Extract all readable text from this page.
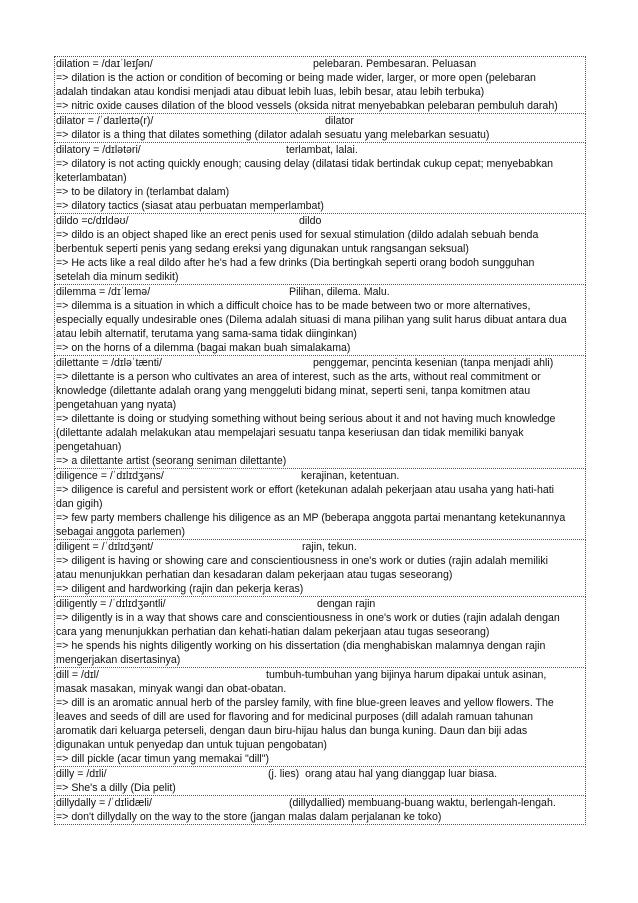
dilation = /daɪˈleɪʃən/	pelebaran. Pembesaran. Peluasan
=> dilation is the action or condition of becoming or being made wider, larger, or more open (pelebaran
adalah tindakan atau kondisi menjadi atau dibuat lebih luas, lebih besar, atau lebih terbuka)
=> nitric oxide causes dilation of the blood vessels (oksida nitrat menyebabkan pelebaran pembuluh darah)
dilator = /ˈdaɪleɪtə(r)/	dilator
=> dilator is a thing that dilates something (dilator adalah sesuatu yang melebarkan sesuatu)
dilatory = /dɪlətəri/	terlambat, lalai.
=> dilatory is not acting quickly enough; causing delay (dilatasi tidak bertindak cukup cepat; menyebabkan
keterlambatan)
=> to be dilatory in (terlambat dalam)
=> dilatory tactics (siasat atau perbuatan memperlambat)
dildo =c/dɪldəʊ/	dildo
=> dildo is an object shaped like an erect penis used for sexual stimulation (dildo adalah sebuah benda
berbentuk seperti penis yang sedang ereksi yang digunakan untuk rangsangan seksual)
=> He acts like a real dildo after he's had a few drinks (Dia bertingkah seperti orang bodoh sungguhan
setelah dia minum sedikit)
dilemma = /dɪˈlemə/	Pilihan, dilema. Malu.
=> dilemma is a situation in which a difficult choice has to be made between two or more alternatives,
especially equally undesirable ones (Dilema adalah situasi di mana pilihan yang sulit harus dibuat antara dua
atau lebih alternatif, terutama yang sama-sama tidak diinginkan)
=> on the horns of a dilemma (bagai makan buah simalakama)
dilettante = /dɪləˈtænti/	penggemar, pencinta kesenian (tanpa menjadi ahli)
=> dilettante is a person who cultivates an area of interest, such as the arts, without real commitment or
knowledge (dilettante adalah orang yang menggeluti bidang minat, seperti seni, tanpa komitmen atau
pengetahuan yang nyata)
=> dilettante is doing or studying something without being serious about it and not having much knowledge
(dilettante adalah melakukan atau mempelajari sesuatu tanpa keseriusan dan tidak memiliki banyak
pengetahuan)
=> a dilettante artist (seorang seniman dilettante)
diligence = /ˈdɪlɪdʒəns/	kerajinan, ketentuan.
=> diligence is careful and persistent work or effort (ketekunan adalah pekerjaan atau usaha yang hati-hati
dan gigih)
=> few party members challenge his diligence as an MP (beberapa anggota partai menantang ketekunannya
sebagai anggota parlemen)
diligent = /ˈdɪlɪdʒənt/	rajin, tekun.
=> diligent is having or showing care and conscientiousness in one's work or duties (rajin adalah memiliki
atau menunjukkan perhatian dan kesadaran dalam pekerjaan atau tugas seseorang)
=> diligent and hardworking (rajin dan pekerja keras)
diligently = /ˈdɪlɪdʒəntli/	dengan rajin
=> diligently is in a way that shows care and conscientiousness in one's work or duties (rajin adalah dengan
cara yang menunjukkan perhatian dan kehati-hatian dalam pekerjaan atau tugas seseorang)
=> he spends his nights diligently working on his dissertation (dia menghabiskan malamnya dengan rajin
mengerjakan disertasinya)
dill = /dɪl/	tumbuh-tumbuhan yang bijinya harum dipakai untuk asinan,
masak masakan, minyak wangi dan obat-obatan.
=> dill is an aromatic annual herb of the parsley family, with fine blue-green leaves and yellow flowers. The
leaves and seeds of dill are used for flavoring and for medicinal purposes (dill adalah ramuan tahunan
aromatik dari keluarga peterseli, dengan daun biru-hijau halus dan bunga kuning. Daun dan biji adas
digunakan untuk penyedap dan untuk tujuan pengobatan)
=> dill pickle (acar timun yang memakai "dill")
dilly = /dɪli/	(j. lies)  orang atau hal yang dianggap luar biasa.
=> She's a dilly (Dia pelit)
dillydally = /ˈdɪlidæli/	(dillydallied) membuang-buang waktu, berlengah-lengah.
=> don't dillydally on the way to the store (jangan malas dalam perjalanan ke toko)
